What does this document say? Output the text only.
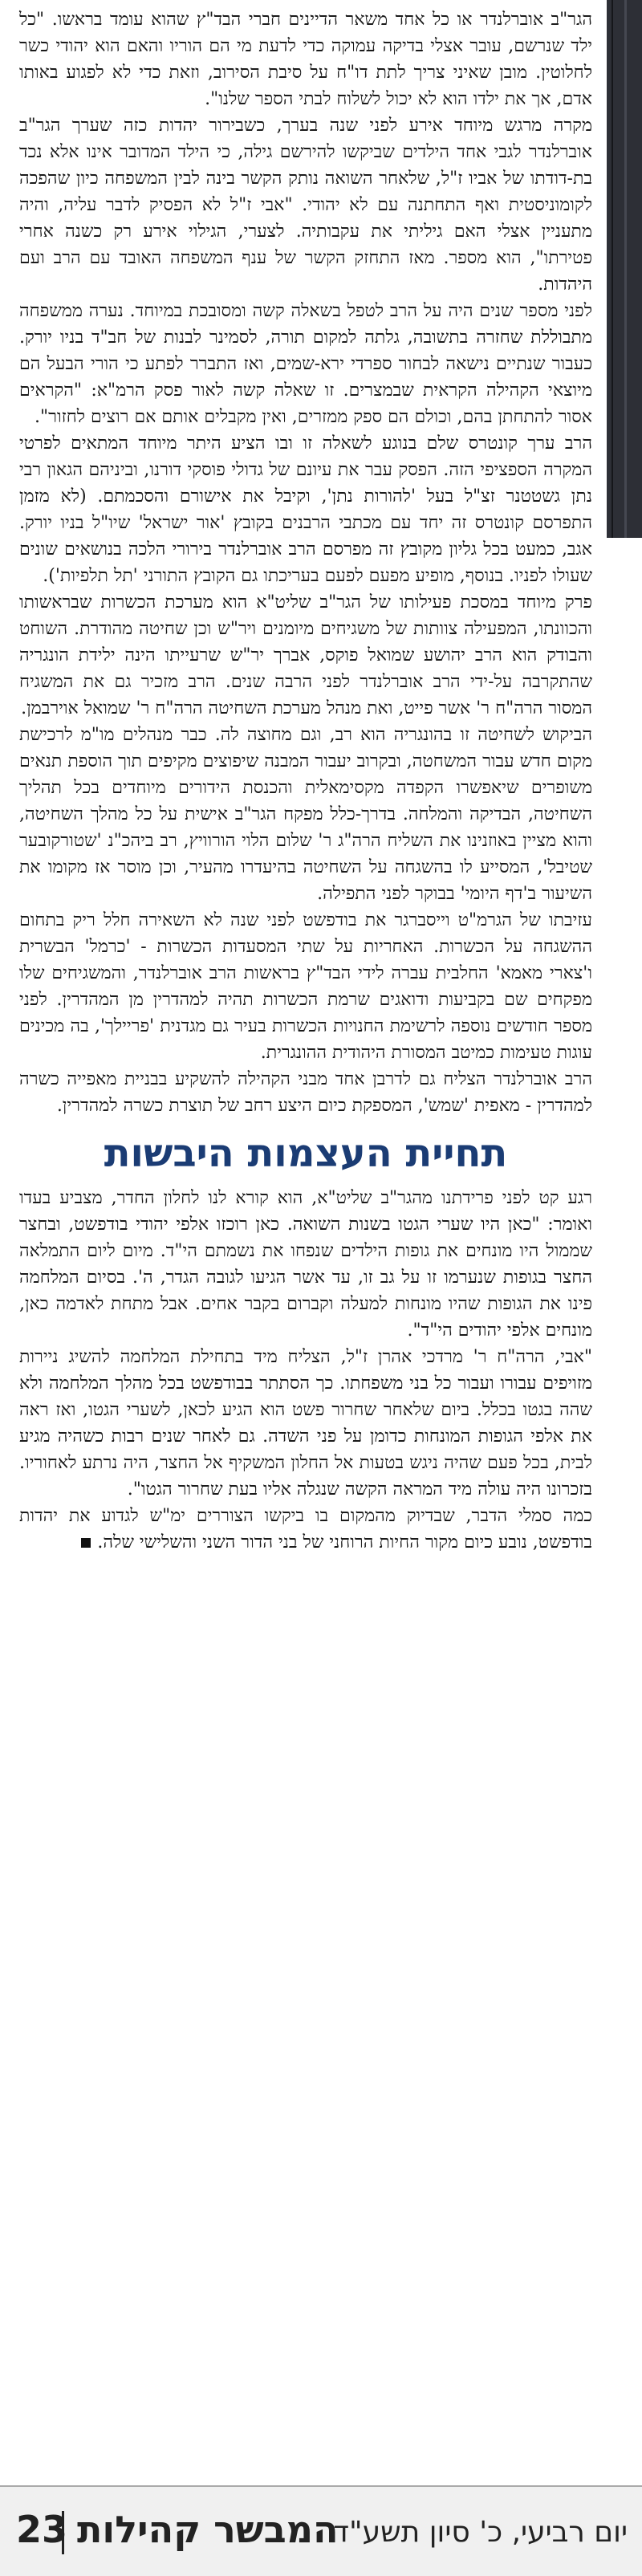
הגר"ב אוברלנדר או כל אחד משאר הדיינים חברי הבד"ץ שהוא עומד בראשו. "כל ילד שנרשם, עובר אצלי בדיקה עמוקה כדי לדעת מי הם הוריו והאם הוא יהודי כשר לחלוטין. מובן שאיני צריך לתת דו"ח על סיבת הסירוב, וזאת כדי לא לפגוע באותו אדם, אך את ילדו הוא לא יכול לשלוח לבתי הספר שלנו".

מקרה מרגש מיוחד אירע לפני שנה בערך, כשבירור יהדות כזה שערך הגר"ב אוברלנדר לגבי אחד הילדים שביקשו להירשם גילה, כי הילד המדובר אינו אלא נכד בת-דודתו של אביו ז"ל, שלאחר השואה נותק הקשר בינה לבין המשפחה כיון שהפכה לקומוניסטית ואף התחתנה עם לא יהודי. "אבי ז"ל לא הפסיק לדבר עליה, והיה מתעניין אצלי האם גיליתי את עקבותיה. לצערי, הגילוי אירע רק כשנה אחרי פטירתו", הוא מספר. מאז התחזק הקשר של ענף המשפחה האובד עם הרב ועם היהדות.

לפני מספר שנים היה על הרב לטפל בשאלה קשה ומסובכת במיוחד. נערה ממשפחה מתבוללת שחזרה בתשובה, גלתה למקום תורה, לסמינר לבנות של חב"ד בניו יורק. כעבור שנתיים נישאה לבחור ספרדי ירא-שמים, ואז התברר לפתע כי הורי הבעל הם מיוצאי הקהילה הקראית שבמצרים. זו שאלה קשה לאור פסק הרמ"א: "הקראים אסור להתחתן בהם, וכולם הם ספק ממזרים, ואין מקבלים אותם אם רוצים לחזור".

הרב ערך קונטרס שלם בנוגע לשאלה זו ובו הציע היתר מיוחד המתאים לפרטי המקרה הספציפי הזה. הפסק עבר את עיונם של גדולי פוסקי דורנו, וביניהם הגאון רבי נתן גשטטנר זצ"ל בעל 'להורות נתן', וקיבל את אישורם והסכמתם. (לא מזמן התפרסם קונטרס זה יחד עם מכתבי הרבנים בקובץ 'אור ישראל' שיו"ל בניו יורק. אגב, כמעט בכל גליון מקובץ זה מפרסם הרב אוברלנדר בירורי הלכה בנושאים שונים שעולו לפניו. בנוסף, מופיע מפעם לפעם בעריכתו גם הקובץ התורני 'תל תלפיות').

פרק מיוחד במסכת פעילותו של הגר"ב שליט"א הוא מערכת הכשרות שבראשותו והכוונתו, המפעילה צוותות של משגיחים מיומנים ויר"ש וכן שחיטה מהודרת. השוחט והבודק הוא הרב יהושע שמואל פוקס, אברך יר"ש שרעייתו הינה ילידת הונגריה שהתקרבה על-ידי הרב אוברלנדר לפני הרבה שנים. הרב מזכיר גם את המשגיח המסור הרה"ח ר' אשר פייט, ואת מנהל מערכת השחיטה הרה"ח ר' שמואל אוירבמן.

הביקוש לשחיטה זו בהונגריה הוא רב, וגם מחוצה לה. כבר מנהלים מו"מ לרכישת מקום חדש עבור המשחטה, ובקרוב יעבור המבנה שיפוצים מקיפים תוך הוספת תנאים משופרים שיאפשרו הקפדה מקסימאלית והכנסת הידורים מיוחדים בכל תהליך השחיטה, הבדיקה והמלחה. בדרך-כלל מפקח הגר"ב אישית על כל מהלך השחיטה, והוא מציין באוזנינו את השליח הרה"ג ר' שלום הלוי הורוויץ, רב ביהכ"נ 'שטורקובער שטיבל', המסייע לו בהשגחה על השחיטה בהיעדרו מהעיר, וכן מוסר אז מקומו את השיעור ב'דף היומי' בבוקר לפני התפילה.

עזיבתו של הגרמ"ט וייסברגר את בודפשט לפני שנה לא השאירה חלל ריק בתחום ההשגחה על הכשרות. האחריות על שתי המסעדות הכשרות - 'כרמל' הבשרית ו'צארי מאמא' החלבית עברה לידי הבד"ץ בראשות הרב אוברלנדר, והמשגיחים שלו מפקחים שם בקביעות ודואגים שרמת הכשרות תהיה למהדרין מן המהדרין. לפני מספר חודשים נוספה לרשימת החנויות הכשרות בעיר גם מגדנית 'פריילך', בה מכינים עוגות טעימות כמיטב המסורת היהודית ההונגרית.

הרב אוברלנדר הצליח גם לדרבן אחד מבני הקהילה להשקיע בבניית מאפייה כשרה למהדרין - מאפית 'שמש', המספקת כיום היצע רחב של תוצרת כשרה למהדרין.

תחיית העצמות היבשות

רגע קט לפני פרידתנו מהגר"ב שליט"א, הוא קורא לנו לחלון החדר, מצביע בעדו ואומר: "כאן היו שערי הגטו בשנות השואה. כאן רוכזו אלפי יהודי בודפשט, ובחצר שממול היו מונחים את גופות הילדים שנפחו את נשמתם הי"ד. מיום ליום התמלאה החצר בגופות שנערמו זו על גב זו, עד אשר הגיעו לגובה הגדר, ה'. בסיום המלחמה פינו את הגופות שהיו מונחות למעלה וקברום בקבר אחים. אבל מתחת לאדמה כאן, מונחים אלפי יהודים הי"ד".

"אבי, הרה"ח ר' מרדכי אהרן ז"ל, הצליח מיד בתחילת המלחמה להשיג ניירות מזויפים עבורו ועבור כל בני משפחתו. כך הסתתר בבודפשט בכל מהלך המלחמה ולא שהה בגטו בכלל. ביום שלאחר שחרור פשט הוא הגיע לכאן, לשערי הגטו, ואז ראה את אלפי הגופות המונחות כדומן על פני השדה. גם לאחר שנים רבות כשהיה מגיע לבית, בכל פעם שהיה ניגש בטעות אל החלון המשקיף אל החצר, היה נרתע לאחוריו. בזכרונו היה עולה מיד המראה הקשה שנגלה אליו בעת שחרור הגטו".

כמה סמלי הדבר, שבדיוק מהמקום בו ביקשו הצוררים ימ"ש לגדוע את יהדות בודפשט, נובע כיום מקור החיות הרוחני של בני הדור השני והשלישי שלה.

יום רביעי, כ' סיון תשע"ד
המבשר קהילות
23
